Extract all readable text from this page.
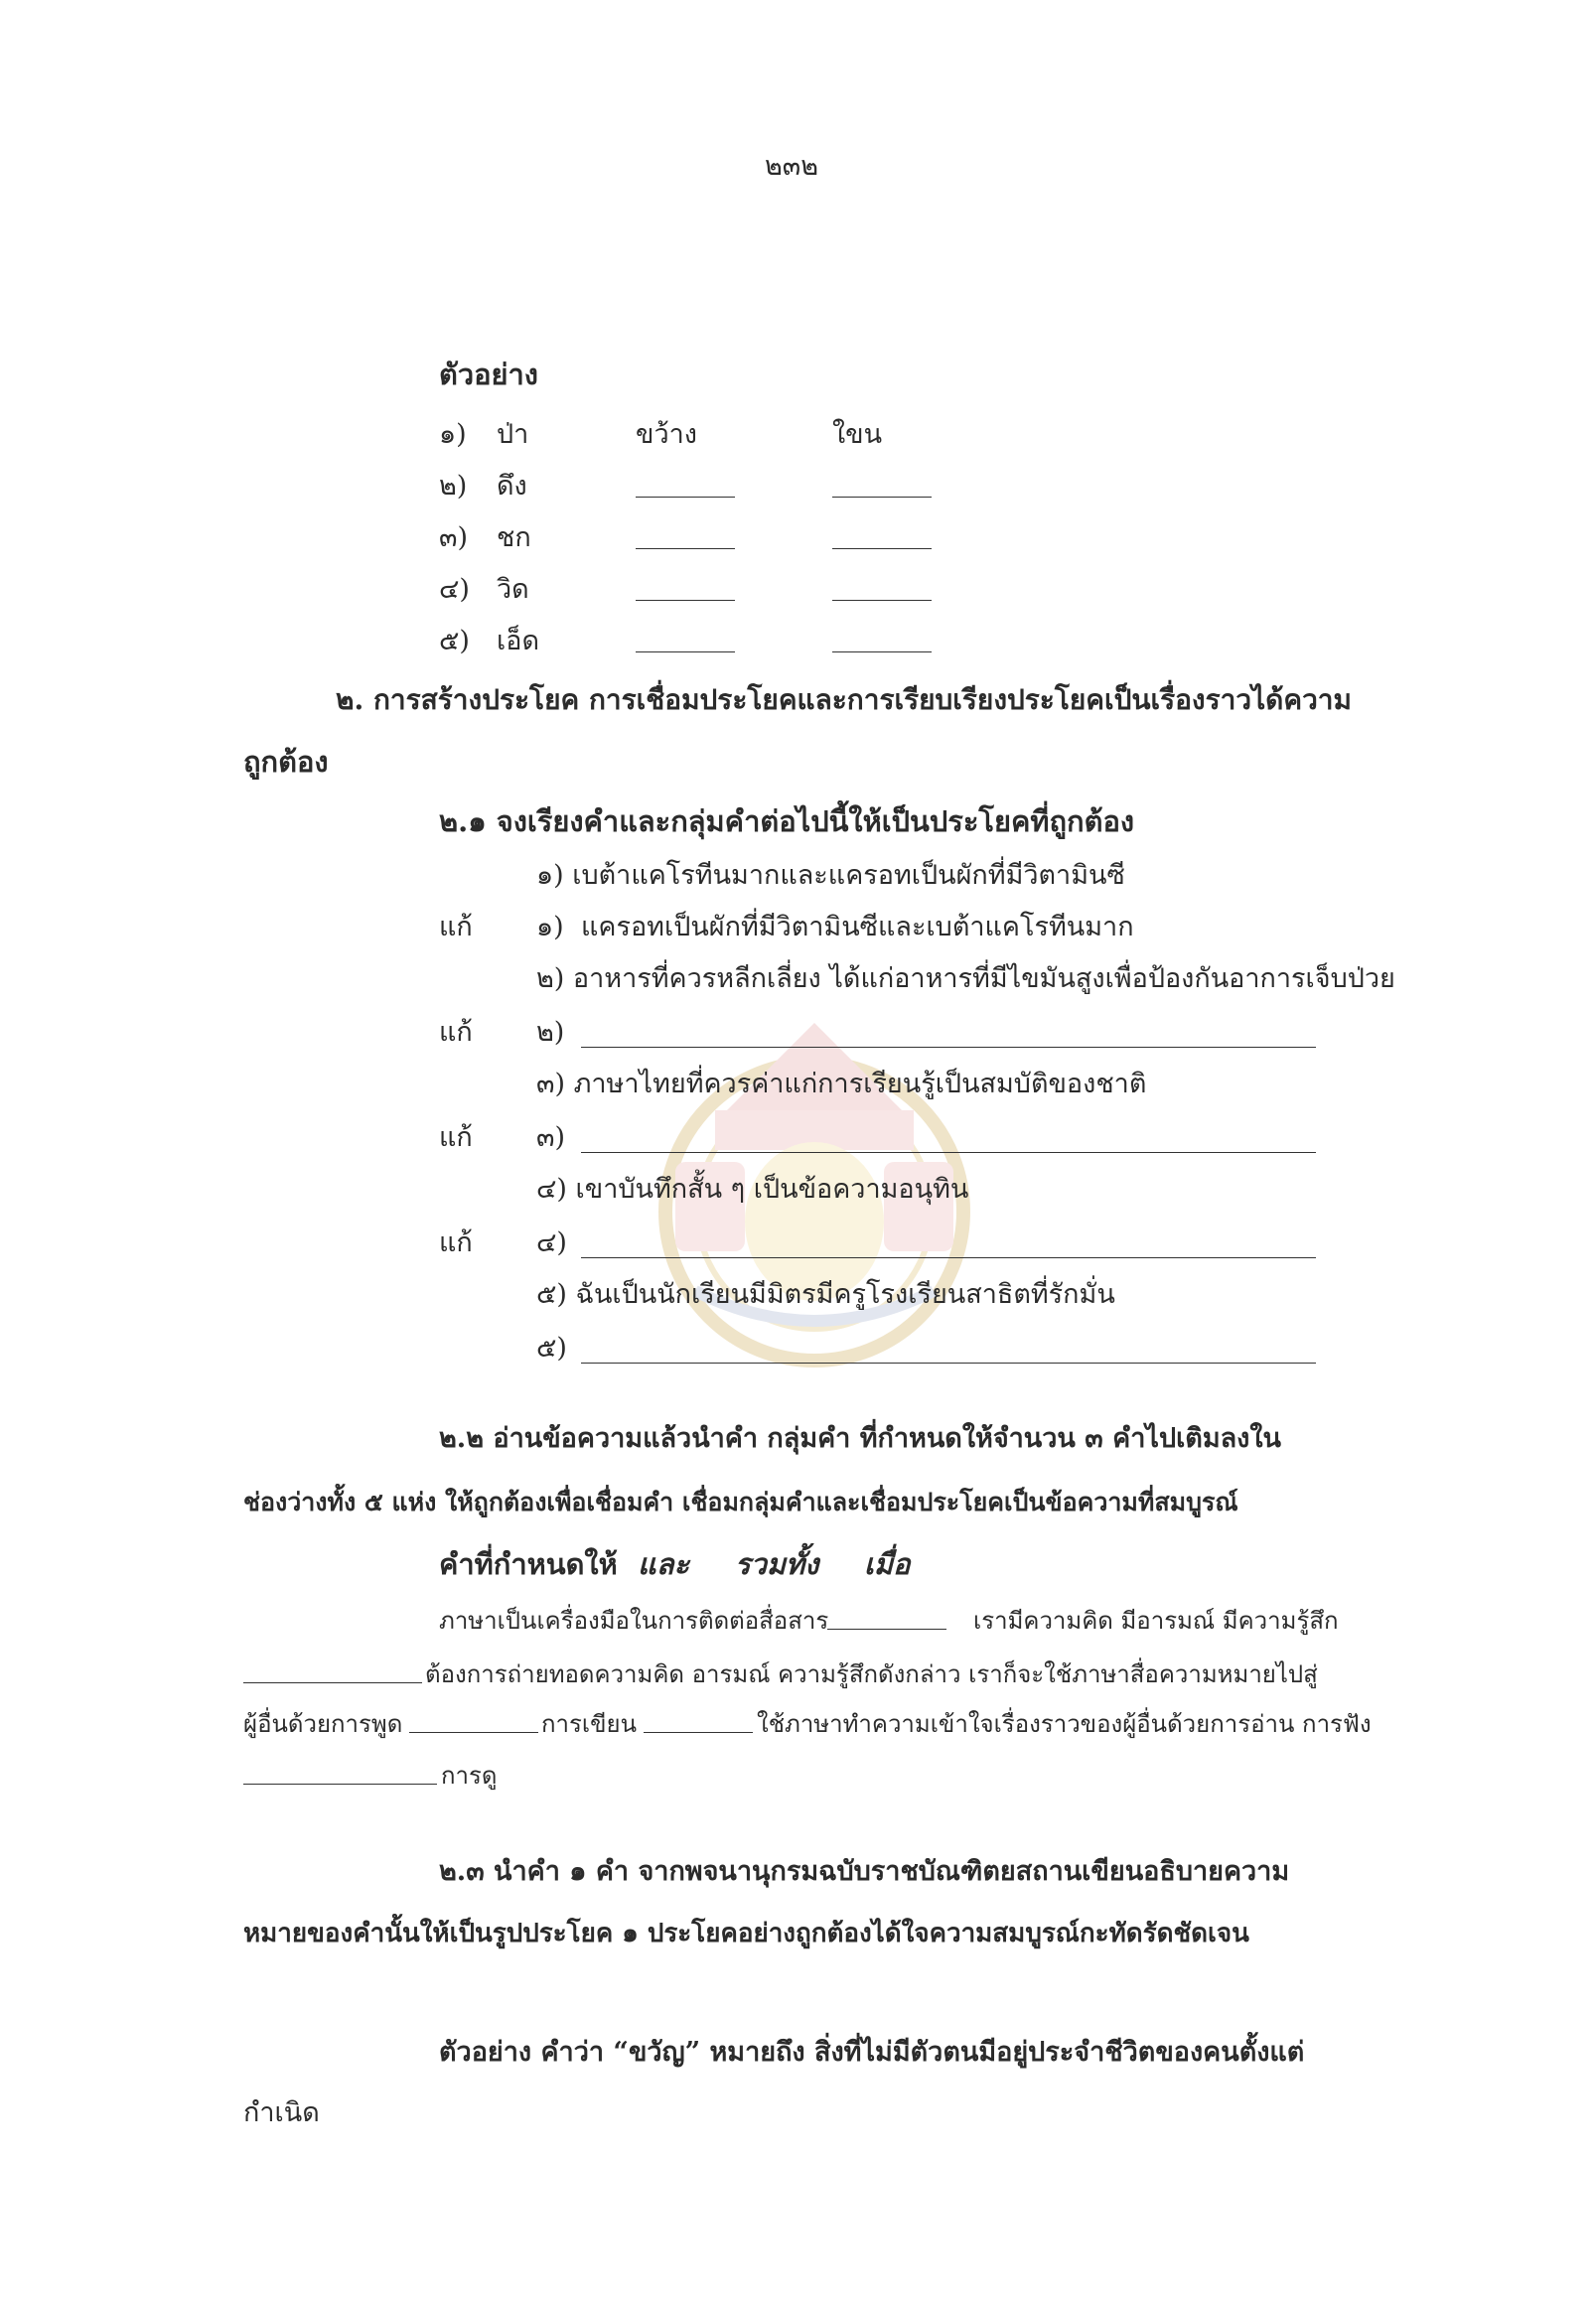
๒๓๒
ตัวอย่าง
๑) ป่า	ขว้าง	ใขน
๒) ดึง
๓) ชก
๔) วิด
๕) เอ็ด
๒. การสร้างประโยค การเชื่อมประโยคและการเรียบเรียงประโยคเป็นเรื่องราวได้ความ
ถูกต้อง
๒.๑ จงเรียงคำและกลุ่มคำต่อไปนี้ให้เป็นประโยคที่ถูกต้อง
๑) เบต้าแคโรทีนมากและแครอทเป็นผักที่มีวิตามินซี
แก้ ๑) แครอทเป็นผักที่มีวิตามินซีและเบต้าแคโรทีนมาก
๒) อาหารที่ควรหลีกเลี่ยง ได้แก่อาหารที่มีไขมันสูงเพื่อป้องกันอาการเจ็บป่วย
แก้ ๒)
๓) ภาษาไทยที่ควรค่าแก่การเรียนรู้เป็นสมบัติของชาติ
แก้ ๓)
๔) เขาบันทึกสั้น ๆ เป็นข้อความอนุทิน
แก้ ๔)
๕) ฉันเป็นนักเรียนมีมิตรมีครูโรงเรียนสาธิตที่รักมั่น
๕)
๒.๒ อ่านข้อความแล้วนำคำ กลุ่มคำ ที่กำหนดให้จำนวน ๓ คำไปเติมลงใน
ช่องว่างทั้ง ๕ แห่ง ให้ถูกต้องเพื่อเชื่อมคำ เชื่อมกลุ่มคำและเชื่อมประโยคเป็นข้อความที่สมบูรณ์
คำที่กำหนดให้ และ รวมทั้ง เมื่อ
ภาษาเป็นเครื่องมือในการติดต่อสื่อสาร	เรามีความคิด มีอารมณ์ มีความรู้สึก
ต้องการถ่ายทอดความคิด อารมณ์ ความรู้สึกดังกล่าว เราก็จะใช้ภาษาสื่อความหมายไปสู่
ผู้อื่นด้วยการพูด	การเขียน	ใช้ภาษาทำความเข้าใจเรื่องราวของผู้อื่นด้วยการอ่าน การฟัง
การดู
๒.๓ นำคำ ๑ คำ จากพจนานุกรมฉบับราชบัณฑิตยสถานเขียนอธิบายความ
หมายของคำนั้นให้เป็นรูปประโยค ๑ ประโยคอย่างถูกต้องได้ใจความสมบูรณ์กะทัดรัดชัดเจน
ตัวอย่าง คำว่า “ขวัญ” หมายถึง สิ่งที่ไม่มีตัวตนมีอยู่ประจำชีวิตของคนตั้งแต่
กำเนิด
